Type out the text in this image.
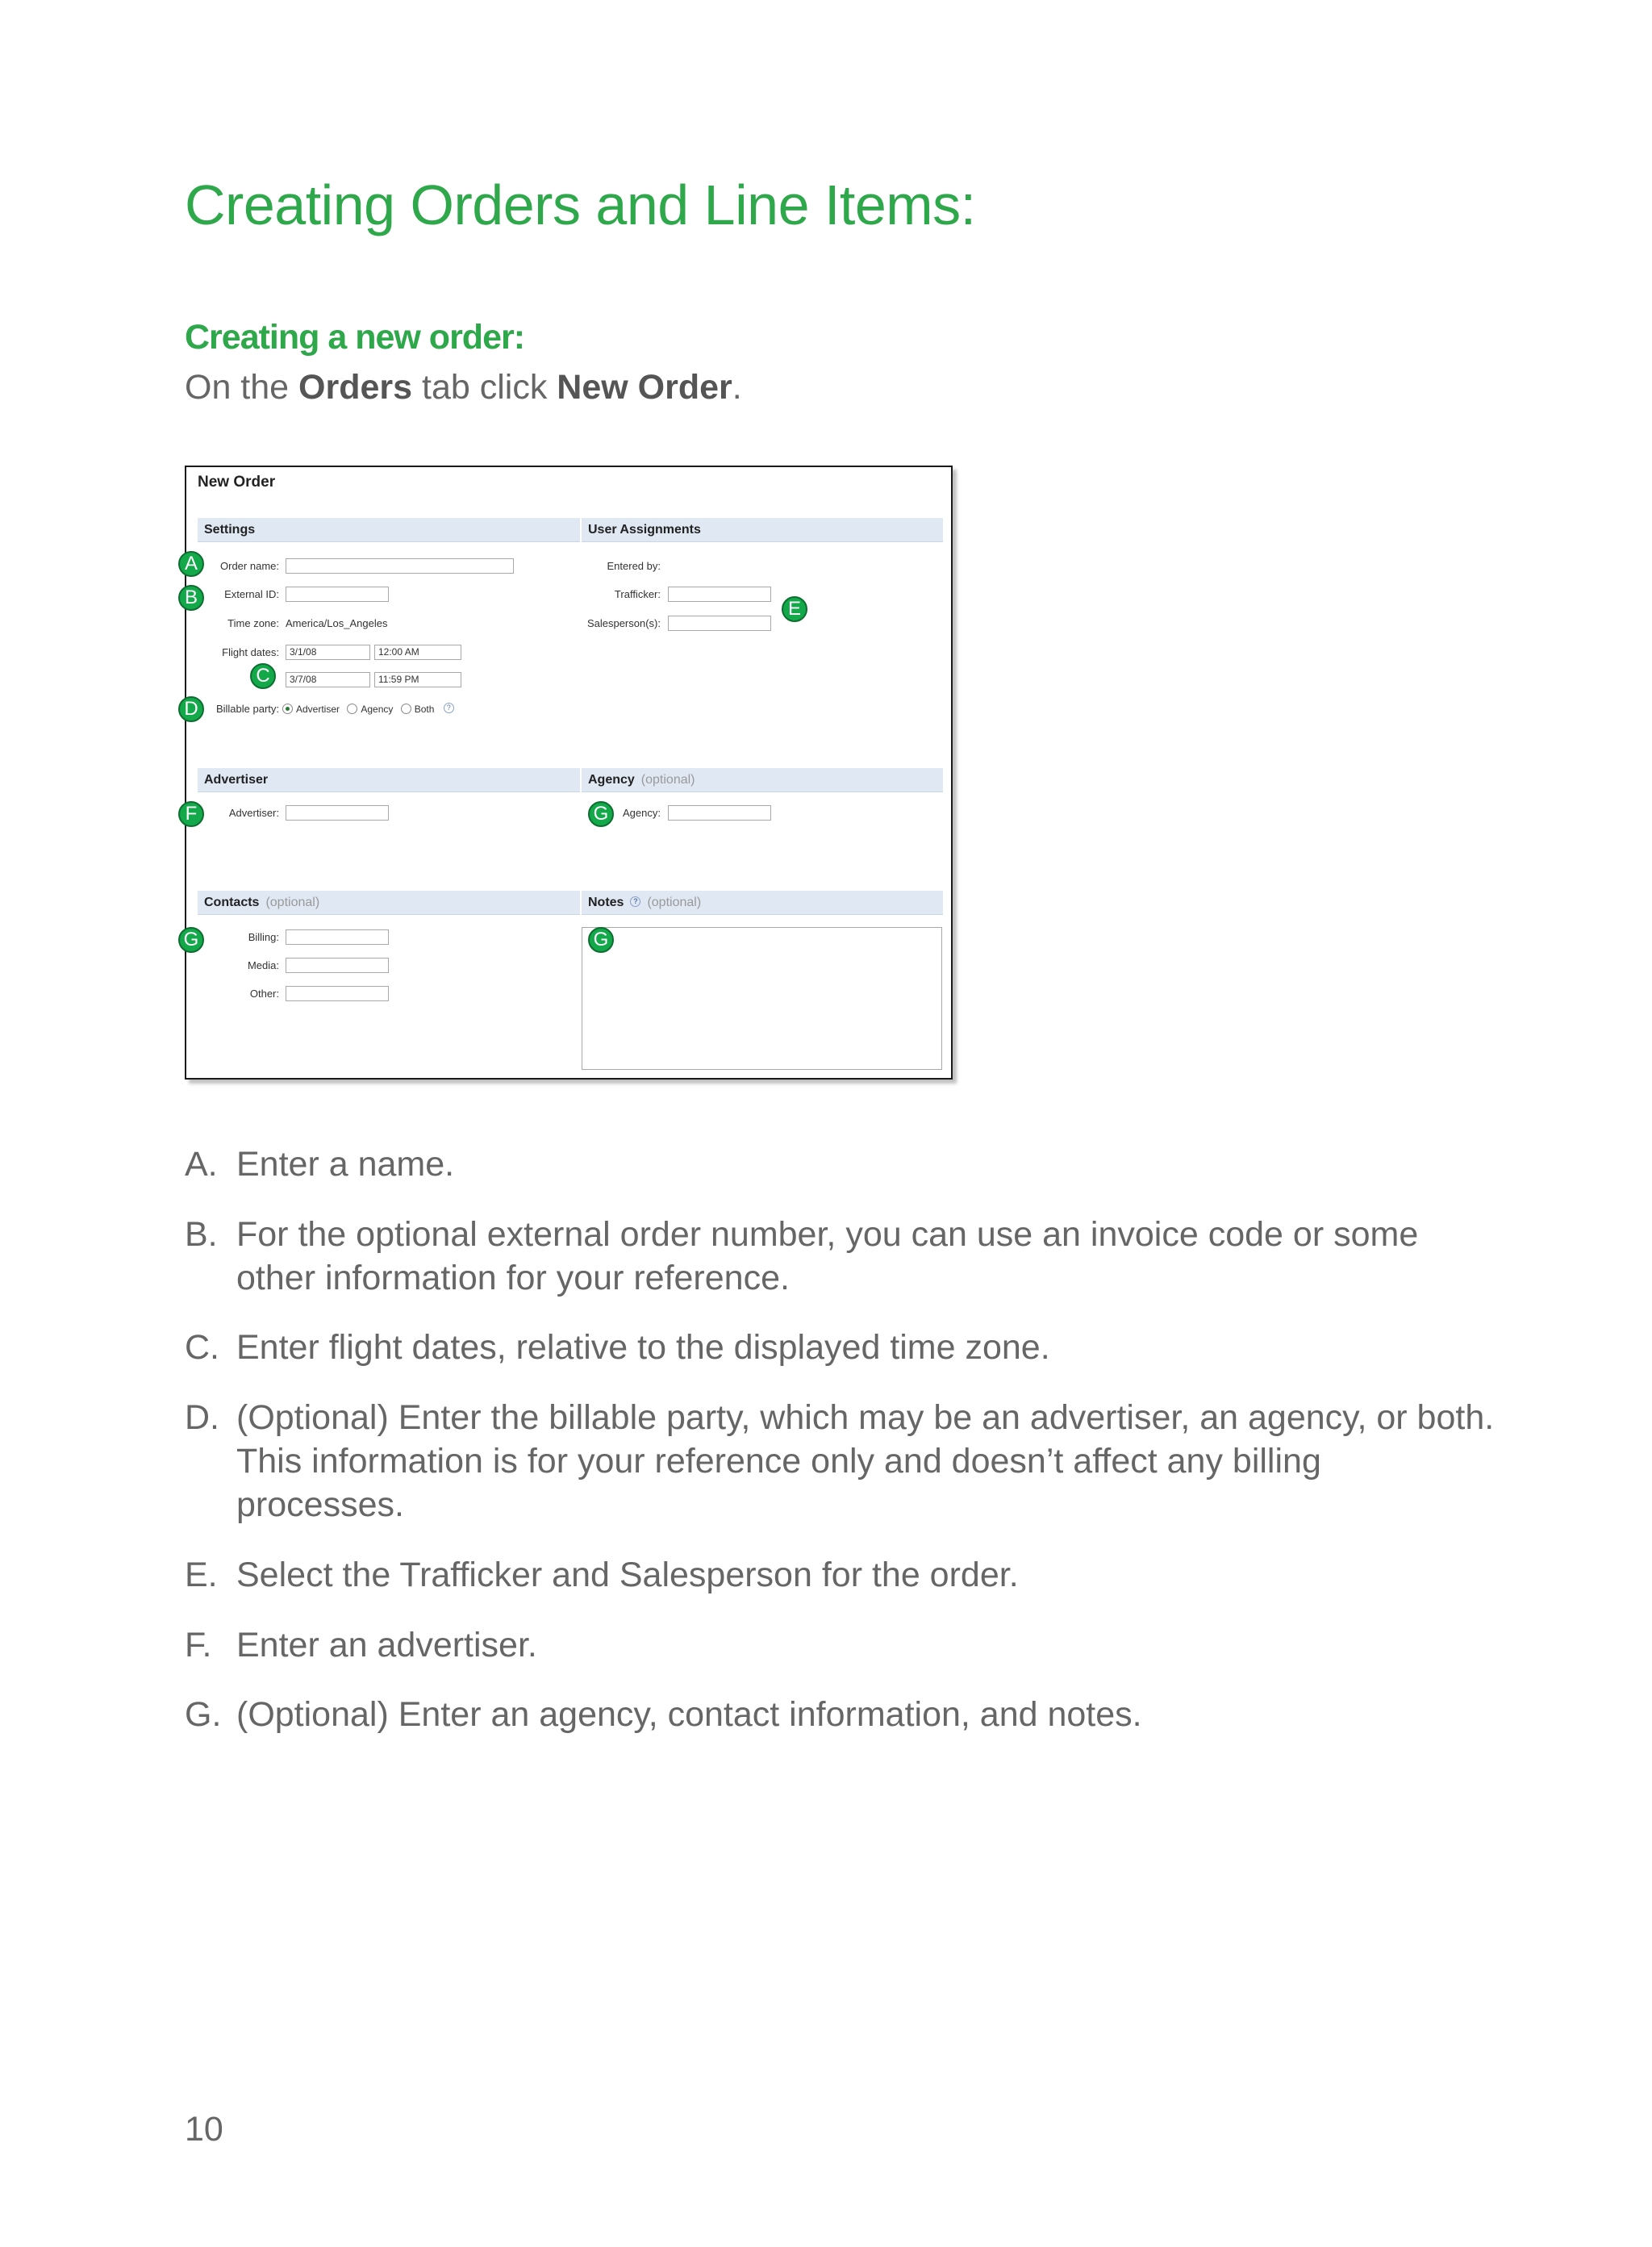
Creating Orders and Line Items:
Creating a new order:

On the Orders tab click New Order.

New Order
Settings
Order name:
External ID:
Time zone: America/Los_Angeles
Flight dates:	3/1/08	12:00 AM
3/7/08	11:59 PM
Billable party:	Advertiser Agency Both ?
User Assignments
Entered by:
Trafficker:
Salesperson(s):
Advertiser
Advertiser:
Agency (optional)
Agency:
Contacts (optional)
Billing:
Media:
Other:
Notes ? (optional)
A
B
C
D
E
F	G
G	G
A. Enter a name.
B. For the optional external order number, you can use an invoice code or some other information for your reference.
C. Enter flight dates, relative to the displayed time zone.
D. (Optional) Enter the billable party, which may be an advertiser, an agency, or both. This information is for your reference only and doesn’t affect any billing processes.
E. Select the Trafficker and Salesperson for the order.
F. Enter an advertiser.
G. (Optional) Enter an agency, contact information, and notes.

10
